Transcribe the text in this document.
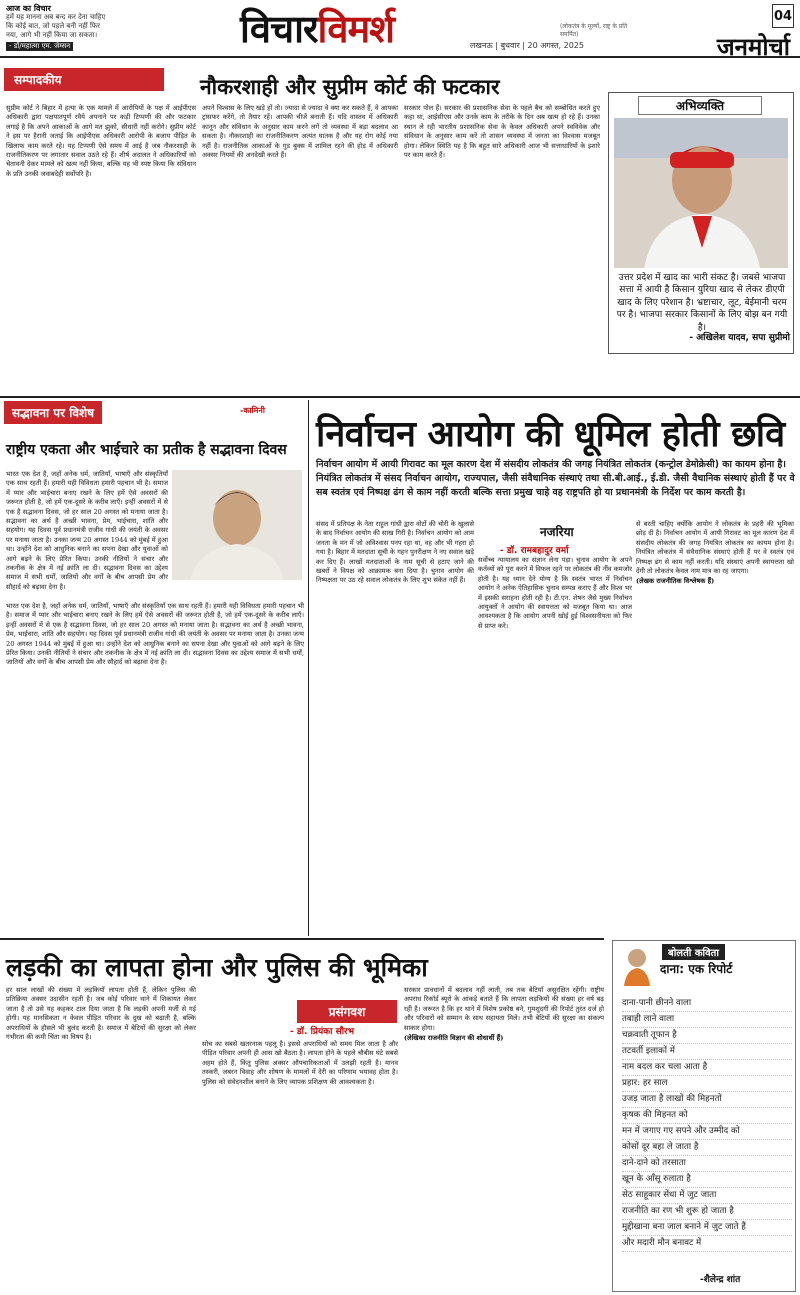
आज का विचार
हमें यह मानना अब बन्द कर देना चाहिए
कि कोई बात, जो पहले बनी नहीं फिर
नया, आगे भी नहीं किया जा सकता।
- डॉ/महात्मा एम. जेम्सन	विचारविमर्श	(लोकतंत्र के मूल्यों, राष्ट्र के प्रति समर्पित)
लखनऊ | बुधवार | 20 अगस्त, 2025
04
जनमोर्चा
सम्पादकीय	नौकरशाही और सुप्रीम कोर्ट की फटकार

सुप्रीम कोर्ट ने बिहार में हत्या के एक मामले में आरोपियों के पक्ष में आईपीएस अधिकारी द्वारा पक्षपातपूर्ण रवैये अपनाने पर कड़ी टिप्पणी की और फटकार लगाई है कि अपने आकाओं के आगे मत झुको, सीधारी नहीं करोगे। सुप्रीम कोर्ट ने इस पर हैरानी जताई कि आईपीएस अधिकारी आरोपी के बजाय पीड़ित के खिलाफ काम करते रहे। यह टिप्पणी ऐसे समय में आई है जब नौकरशाही के राजनीतिकरण पर लगातार सवाल उठते रहे हैं। शीर्ष अदालत ने अधिकारियों को चेतावनी देकर मामले को खत्म नहीं किया, बल्कि यह भी स्पष्ट किया कि संविधान के प्रति उनकी जवाबदेही सर्वोपरि है।

अपने विश्वास के लिए खड़े हों तो। ज्यादा से ज्यादा वे क्या कर सकते हैं, वे आपका ट्रांसफर करेंगे, तो तैयार रहें। आपकी चीजें बनाती हैं। यदि वास्तव में अधिकारी कानून और संविधान के अनुसार काम करने लगें तो व्यवस्था में बड़ा बदलाव आ सकता है। नौकरशाही का राजनीतिकरण अत्यंत घातक है और यह रोग कोई नया नहीं है। राजनीतिक आकाओं के गुड बुक्स में शामिल रहने की होड़ में अधिकारी अक्सर नियमों की अनदेखी करते हैं।

सरकार पोल हैं। सरकार की प्रशासनिक सेवा के पहले बैच को सम्बोधित करते हुए कहा था, आईसीएस और उनके काम के तरीके के दिन अब खत्म हो रहे हैं। उनका स्थान ले रही भारतीय प्रशासनिक सेवा के केवल अधिकारी अपने स्वविवेक और संविधान के अनुसार काम करें तो शासन व्यवस्था में जनता का विश्वास मजबूत होगा। लेकिन स्थिति यह है कि बहुत सारे अधिकारी आज भी सत्ताधारियों के इशारे पर काम करते हैं।

अभिव्यक्ति
उत्तर प्रदेश में खाद का भारी संकट है। जबसे भाजपा सत्ता में आयी है किसान युरिया खाद से लेकर डीएपी खाद के लिए परेशान है। भ्रष्टाचार, लूट, बेईमानी चरम पर है। भाजपा सरकार किसानों के लिए बोझ बन गयी है।
- अखिलेश यादव, सपा सुप्रीमो
सद्भावना पर विशेष	-कामिनी
राष्ट्रीय एकता और भाईचारे का प्रतीक है सद्भावना दिवस

भारत एक देश है, जहाँ अनेक धर्म, जातियाँ, भाषाएँ और संस्कृतियाँ एक साथ रहती हैं। हमारी यही विविधता हमारी पहचान भी है। समाज में प्यार और भाईचारा बनाए रखने के लिए हमें ऐसे अवसरों की जरूरत होती है, जो हमें एक-दूसरे के करीब लाएँ। इन्हीं अवसरों में से एक है सद्भावना दिवस, जो हर साल 20 अगस्त को मनाया जाता है। सद्भावना का अर्थ है अच्छी भावना, प्रेम, भाईचारा, शांति और सहयोग। यह दिवस पूर्व प्रधानमंत्री राजीव गांधी की जयंती के अवसर पर मनाया जाता है। उनका जन्म 20 अगस्त 1944 को मुंबई में हुआ था। उन्होंने देश को आधुनिक बनाने का सपना देखा और युवाओं को आगे बढ़ने के लिए प्रेरित किया। उनकी नीतियों ने संचार और तकनीक के क्षेत्र में नई क्रांति ला दी। सद्भावना दिवस का उद्देश्य समाज में सभी धर्मों, जातियों और वर्गों के बीच आपसी प्रेम और सौहार्द को बढ़ावा देना है।

भारत एक देश है, जहाँ अनेक धर्म, जातियाँ, भाषाएँ और संस्कृतियाँ एक साथ रहती हैं। हमारी यही विविधता हमारी पहचान भी है। समाज में प्यार और भाईचारा बनाए रखने के लिए हमें ऐसे अवसरों की जरूरत होती है, जो हमें एक-दूसरे के करीब लाएँ। इन्हीं अवसरों में से एक है सद्भावना दिवस, जो हर साल 20 अगस्त को मनाया जाता है। सद्भावना का अर्थ है अच्छी भावना, प्रेम, भाईचारा, शांति और सहयोग। यह दिवस पूर्व प्रधानमंत्री राजीव गांधी की जयंती के अवसर पर मनाया जाता है। उनका जन्म 20 अगस्त 1944 को मुंबई में हुआ था। उन्होंने देश को आधुनिक बनाने का सपना देखा और युवाओं को आगे बढ़ने के लिए प्रेरित किया। उनकी नीतियों ने संचार और तकनीक के क्षेत्र में नई क्रांति ला दी। सद्भावना दिवस का उद्देश्य समाज में सभी धर्मों, जातियों और वर्गों के बीच आपसी प्रेम और सौहार्द को बढ़ावा देना है।

निर्वाचन आयोग की धूमिल होती छवि
निर्वाचन आयोग में आयी गिरावट का मूल कारण देश में संसदीय लोकतंत्र की जगह नियंत्रित लोकतंत्र (कन्ट्रोल डेमोक्रेसी) का कायम होना है। नियंत्रित लोकतंत्र में संसद निर्वाचन आयोग, राज्यपाल, जैसी संवैधानिक संस्थाएं तथा सी.बी.आई., ई.डी. जैसी वैधानिक संस्थाएं होती हैं पर वे सब स्वतंत्र एवं निष्पक्ष ढंग से काम नहीं करती बल्कि सत्ता प्रमुख चाहे वह राष्ट्रपति हो या प्रधानमंत्री के निर्देश पर काम करती है।
नजरिया
- डॉ. रामबहादुर वर्मा

संसद में प्रतिपक्ष के नेता राहुल गांधी द्वारा वोटों की चोरी के खुलासे के बाद निर्वाचन आयोग की साख गिरी है। निर्वाचन आयोग को आम जनता के मन में जो अविश्वास पनप रहा था, वह और भी गहरा हो गया है। बिहार में मतदाता सूची के गहन पुनरीक्षण ने नए सवाल खड़े कर दिए हैं। लाखों मतदाताओं के नाम सूची से हटाए जाने की खबरों ने विपक्ष को आक्रामक बना दिया है। चुनाव आयोग की निष्पक्षता पर उठ रहे सवाल लोकतंत्र के लिए शुभ संकेत नहीं हैं।

सर्वोच्च न्यायालय का संज्ञान लेना पड़ा। चुनाव आयोग के अपने कर्तव्यों को पूरा करने में विफल रहने पर लोकतंत्र की नींव कमजोर होती है। यह ध्यान देने योग्य है कि स्वतंत्र भारत में निर्वाचन आयोग ने अनेक ऐतिहासिक चुनाव सम्पन्न कराए हैं और विश्व भर में इसकी सराहना होती रही है। टी.एन. शेषन जैसे मुख्य निर्वाचन आयुक्तों ने आयोग की स्वायत्तता को मजबूत किया था। आज आवश्यकता है कि आयोग अपनी खोई हुई विश्वसनीयता को फिर से प्राप्त करे।

से बरती चाहिए क्योंकि आयोग ने लोकतंत्र के प्रहरी की भूमिका छोड़ दी है। निर्वाचन आयोग में आयी गिरावट का मूल कारण देश में संसदीय लोकतंत्र की जगह नियंत्रित लोकतंत्र का कायम होना है। नियंत्रित लोकतंत्र में संवैधानिक संस्थाएं होती हैं पर वे स्वतंत्र एवं निष्पक्ष ढंग से काम नहीं करती। यदि संस्थाएं अपनी स्वायत्तता खो देंगी तो लोकतंत्र केवल नाम मात्र का रह जाएगा।

(लेखक राजनीतिक विश्लेषक हैं)

लड़की का लापता होना और पुलिस की भूमिका
प्रसंगवश
- डॉ. प्रियंका सौरभ

हर साल लाखों की संख्या में लड़कियाँ लापता होती हैं, लेकिन पुलिस की प्रतिक्रिया अक्सर उदासीन रहती है। जब कोई परिवार थाने में शिकायत लेकर जाता है तो उसे यह कहकर टाल दिया जाता है कि लड़की अपनी मर्जी से गई होगी। यह मानसिकता न केवल पीड़ित परिवार के दुख को बढ़ाती है, बल्कि अपराधियों के हौसले भी बुलंद करती है। समाज में बेटियों की सुरक्षा को लेकर गंभीरता की कमी चिंता का विषय है।

सोच का सबसे खतरनाक पहलू है। इससे अपराधियों को समय मिल जाता है और पीड़ित परिवार अपनी ही आस खो बैठता है। लापता होने के पहले चौबीस घंटे सबसे अहम होते हैं, किंतु पुलिस अक्सर औपचारिकताओं में उलझी रहती है। मानव तस्करी, जबरन विवाह और शोषण के मामलों में देरी का परिणाम भयावह होता है। पुलिस को संवेदनशील बनाने के लिए व्यापक प्रशिक्षण की आवश्यकता है।

सरकार प्रावधानों में बदलाव नहीं लाती, तब तक बेटियाँ असुरक्षित रहेंगी। राष्ट्रीय अपराध रिकॉर्ड ब्यूरो के आंकड़े बताते हैं कि लापता लड़कियों की संख्या हर वर्ष बढ़ रही है। जरूरत है कि हर थाने में विशेष प्रकोष्ठ बने, गुमशुदगी की रिपोर्ट तुरंत दर्ज हो और परिवारों को सम्मान के साथ सहायता मिले। तभी बेटियों की सुरक्षा का संकल्प साकार होगा।

(लेखिका राजनीति विज्ञान की शोधार्थी हैं)

बोलती कविता
दाना: एक रिपोर्ट
दाना-पानी छीनने वाला
तबाही लाने वाला
चक्रवाती तूफान है
तटवर्ती इलाकों में
नाम बदल कर चला आता है
प्रहार: हर साल
उजड़ जाता है लाखों की मिहनतों
कृषक की मिहनत को
मन में जगाए गए सपने और उम्मीद को
कोसों दूर बहा ले जाता है
दाने-दाने को तरसाता
खून के आँसू रुलाता है
सेठ साहूकार सेंधा में जुट जाता
राजनीति का रण भी शुरू हो जाता है
मुद्दीखाना बना जाल बनाने में जुट जाते हैं
और मदारी मौन बनावट में
-शैलेन्द्र शांत
